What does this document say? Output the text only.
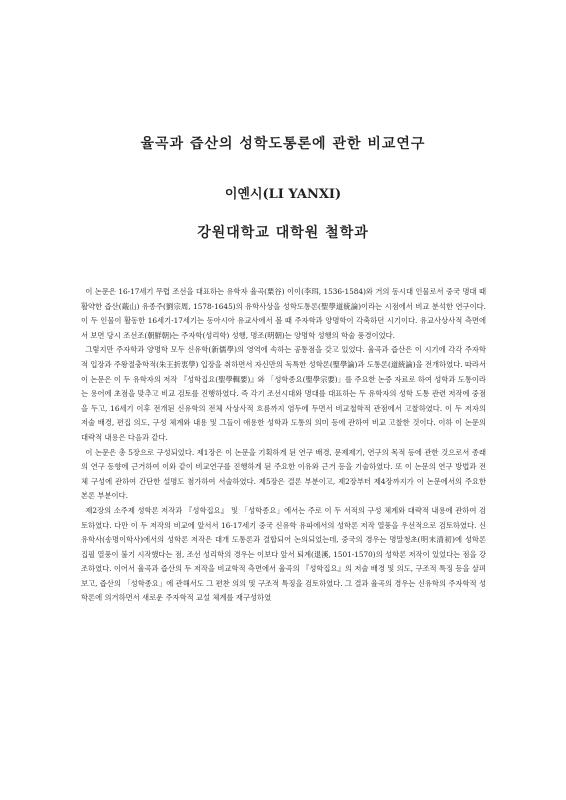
율곡과 즙산의 성학도통론에 관한 비교연구
이옌시(LI YANXI)
강원대학교 대학원 철학과

이 논문은 16-17세기 무렵 조선을 대표하는 유학자 율곡(栗谷) 이이(李珥, 1536-1584)와 거의 동시대 인물로서 중국 명대 때 활약한 즙산(蕺山) 유종주(劉宗周, 1578-1645)의 유학사상을 성학도통론(聖學道統論)이라는 시점에서 비교 분석한 연구이다. 이 두 인물이 활동한 16세기-17세기는 동아시아 유교사에서 볼 때 주자학과 양명학이 각축하던 시기이다. 유교사상사적 측면에서 보면 당시 조선조(朝鮮朝)는 주자학(성리학) 성행, 명조(明朝)는 양명학 성행의 학술 풍경이었다.

그렇지만 주자학과 양명학 모두 신유학(新儒學)의 영역에 속하는 공통점을 갖고 있었다. 율곡과 즙산은 이 시기에 각각 주자학적 입장과 주왕절충학적(朱王折衷學) 입장을 취하면서 자신만의 독특한 성학론(聖學論)과 도통론(道統論)을 전개하였다. 따라서 이 논문은 이 두 유학자의 저작 『성학집요(聖學輯要)』와 「성학종요(聖學宗要)」를 주요한 논증 자료로 하여 성학과 도통이라는 용어에 초점을 맞추고 비교 검토를 진행하였다. 즉 각기 조선시대와 명대를 대표하는 두 유학자의 성학 도통 관련 저작에 중점을 두고, 16세기 이후 전개된 신유학의 전체 사상사적 흐름까지 염두에 두면서 비교철학적 관점에서 고찰하였다. 이 두 저자의 저술 배경, 편집 의도, 구성 체계와 내용 및 그들이 애용한 성학과 도통의 의미 등에 관하여 비교 고찰한 것이다. 이하 이 논문의 대략적 내용은 다음과 같다.

이 논문은 총 5장으로 구성되었다. 제1장은 이 논문을 기획하게 된 연구 배경, 문제제기, 연구의 목적 등에 관한 것으로서 종래의 연구 동향에 근거하여 이와 같이 비교연구를 진행하게 된 주요한 이유와 근거 등을 기술하였다. 또 이 논문의 연구 방법과 전체 구성에 관하여 간단한 설명도 첨가하여 서술하였다. 제5장은 결론 부분이고, 제2장부터 제4장까지가 이 논문에서의 주요한 본론 부분이다.

제2장의 소주제 성학론 저작과 『성학집요』 및 「성학종요」에서는 주로 이 두 서적의 구성 체계와 대략적 내용에 관하여 검토하였다. 다만 이 두 저작의 비교에 앞서서 16-17세기 중국 신유학 유파에서의 성학론 저작 열풍을 우선적으로 검토하였다. 신유학사(송명이학사)에서의 성학론 저작은 대개 도통론과 결합되어 논의되었는데, 중국의 경우는 명말청초(明末清初)에 성학론 집필 열풍이 불기 시작했다는 점, 조선 성리학의 경우는 이보다 앞서 퇴계(退溪, 1501-1570)의 성학론 저작이 있었다는 점을 강조하였다. 이어서 율곡과 즙산의 두 저작을 비교학적 측면에서 율곡의 『성학집요』의 저술 배경 및 의도, 구조적 특징 등을 살펴보고, 즙산의 「성학종요」에 관해서도 그 편찬 의의 및 구조적 특징을 검토하였다. 그 결과 율곡의 경우는 신유학의 주자학적 성학론에 의거하면서 새로운 주자학적 교설 체계를 재구성하였
